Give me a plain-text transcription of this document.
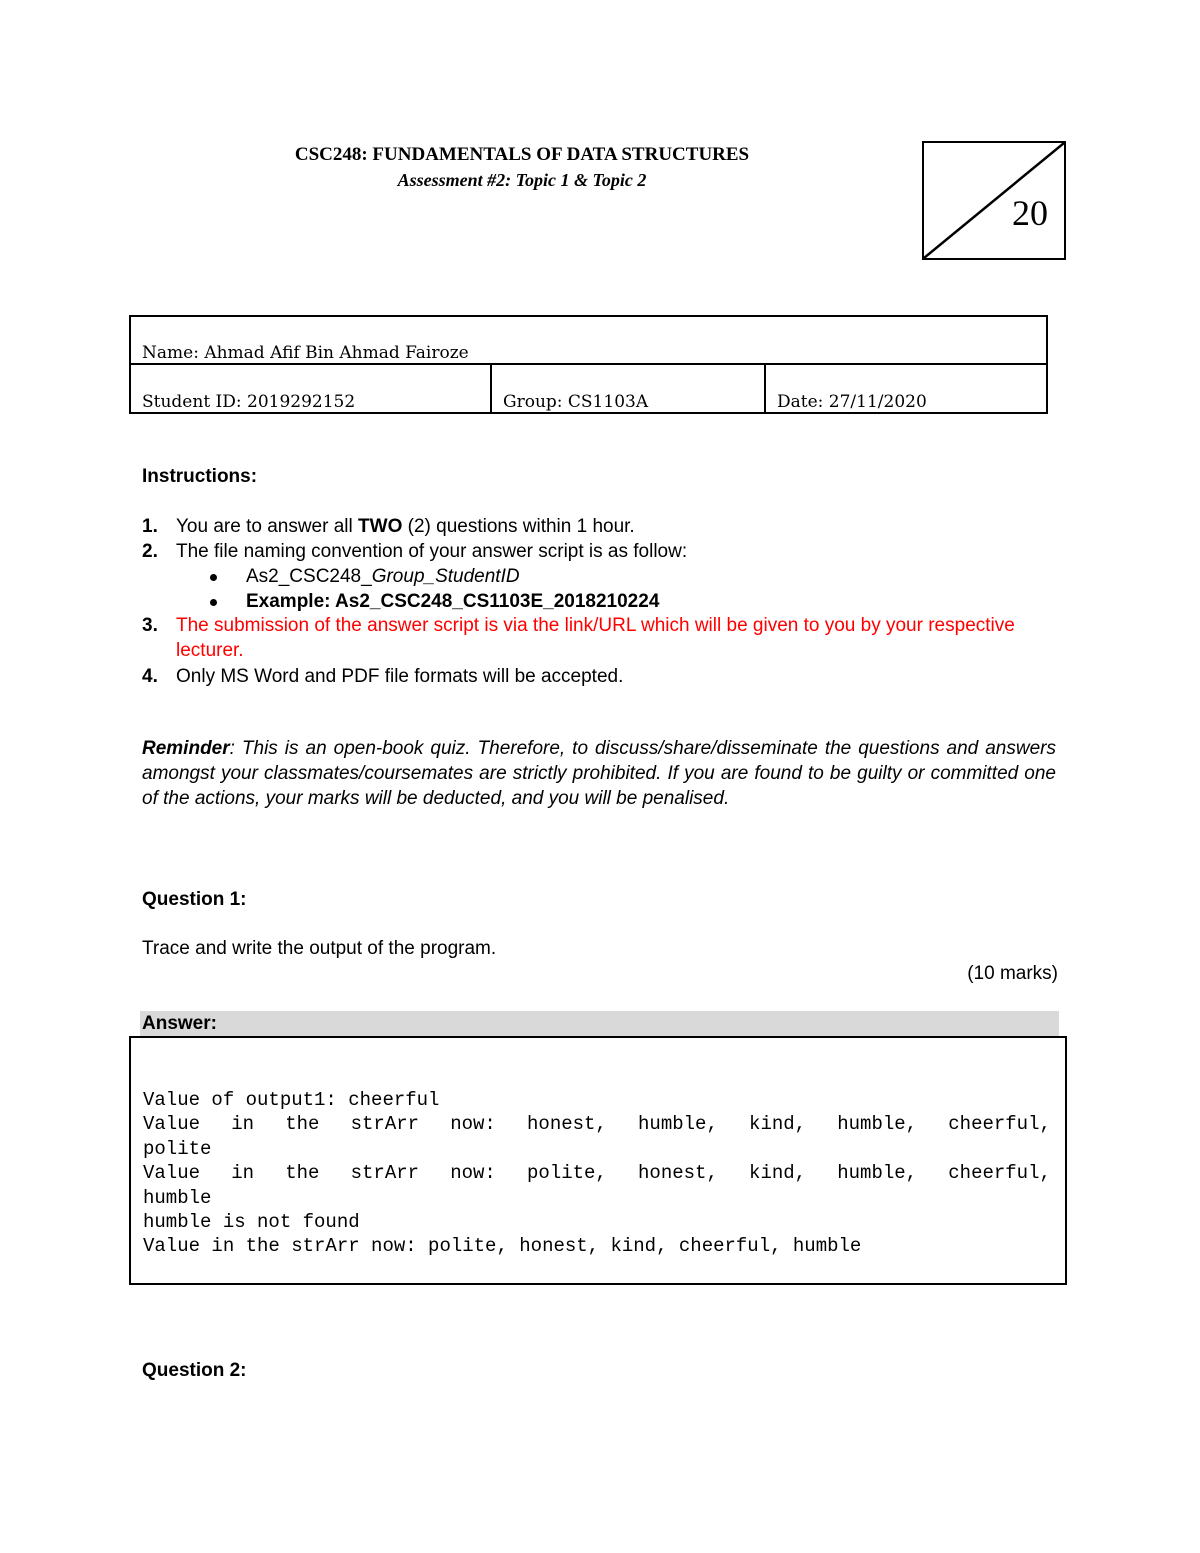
CSC248: FUNDAMENTALS OF DATA STRUCTURES
Assessment #2: Topic 1 & Topic 2
20
Name: Ahmad Afif Bin Ahmad Fairoze
Student ID: 2019292152	Group: CS1103A	Date: 27/11/2020
Instructions:
1. You are to answer all TWO (2) questions within 1 hour.
2. The file naming convention of your answer script is as follow:
As2_CSC248_Group_StudentID
Example: As2_CSC248_CS1103E_2018210224
3. The submission of the answer script is via the link/URL which will be given to you by your respective lecturer.
4. Only MS Word and PDF file formats will be accepted.
Reminder: This is an open-book quiz. Therefore, to discuss/share/disseminate the questions and answers amongst your classmates/coursemates are strictly prohibited. If you are found to be guilty or committed one of the actions, your marks will be deducted, and you will be penalised.
Question 1:
Trace and write the output of the program.
(10 marks)
Answer:
Value of output1: cheerful
Value in the strArr now: honest, humble, kind, humble, cheerful,
polite
Value in the strArr now: polite, honest, kind, humble, cheerful,
humble
humble is not found
Value in the strArr now: polite, honest, kind, cheerful, humble
Question 2:
